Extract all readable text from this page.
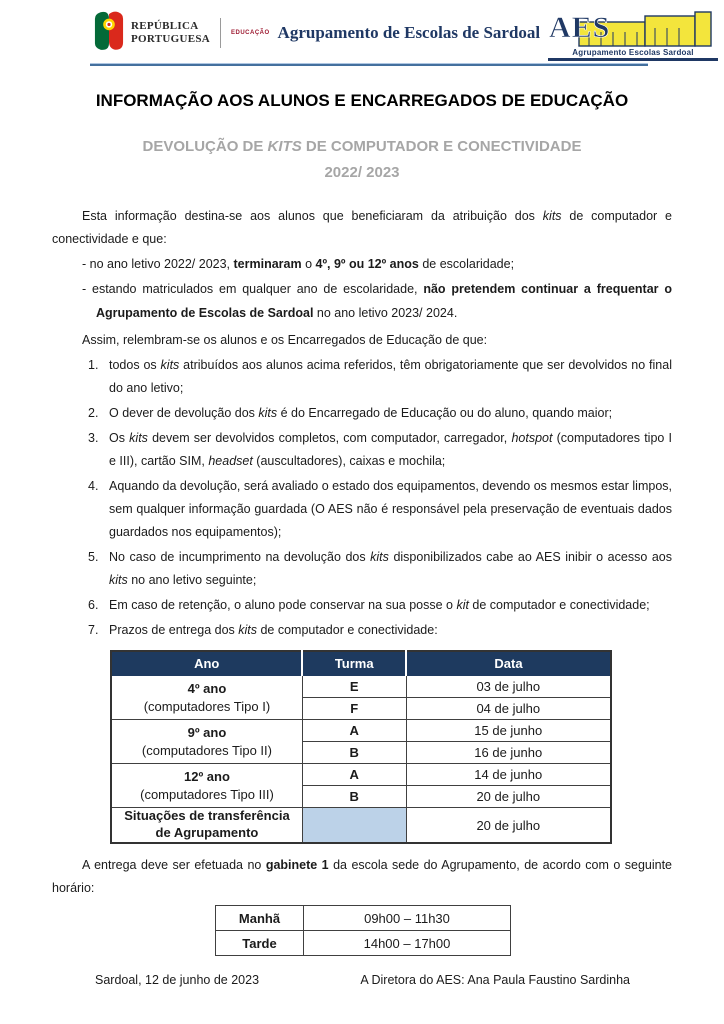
REPÚBLICA
PORTUGUESA	EDUCAÇÃO Agrupamento de Escolas de Sardoal AES
Agrupamento Escolas Sardoal
INFORMAÇÃO AOS ALUNOS E ENCARREGADOS DE EDUCAÇÃO
DEVOLUÇÃO DE KITS DE COMPUTADOR E CONECTIVIDADE
2022/ 2023

Esta informação destina-se aos alunos que beneficiaram da atribuição dos kits de computador e conectividade e que:

- no ano letivo 2022/ 2023, terminaram o 4º, 9º ou 12º anos de escolaridade;

- estando matriculados em qualquer ano de escolaridade, não pretendem continuar a frequentar o Agrupamento de Escolas de Sardoal no ano letivo 2023/ 2024.

Assim, relembram-se os alunos e os Encarregados de Educação de que:

1. todos os kits atribuídos aos alunos acima referidos, têm obrigatoriamente que ser devolvidos no final do ano letivo;
2. O dever de devolução dos kits é do Encarregado de Educação ou do aluno, quando maior;
3. Os kits devem ser devolvidos completos, com computador, carregador, hotspot (computadores tipo I e III), cartão SIM, headset (auscultadores), caixas e mochila;
4. Aquando da devolução, será avaliado o estado dos equipamentos, devendo os mesmos estar limpos, sem qualquer informação guardada (O AES não é responsável pela preservação de eventuais dados guardados nos equipamentos);
5. No caso de incumprimento na devolução dos kits disponibilizados cabe ao AES inibir o acesso aos kits no ano letivo seguinte;
6. Em caso de retenção, o aluno pode conservar na sua posse o kit de computador e conectividade;
7. Prazos de entrega dos kits de computador e conectividade:
Ano	Turma	Data
4º ano
(computadores Tipo I)	E	03 de julho
	F	04 de julho
9º ano
(computadores Tipo II)	A	15 de junho
	B	16 de junho
12º ano
(computadores Tipo III)	A	14 de junho
	B	20 de julho
Situações de transferência de Agrupamento		20 de julho

A entrega deve ser efetuada no gabinete 1 da escola sede do Agrupamento, de acordo com o seguinte horário:

Manhã	09h00 – 11h30
Tarde	14h00 – 17h00
Sardoal, 12 de junho de 2023	A Diretora do AES: Ana Paula Faustino Sardinha
